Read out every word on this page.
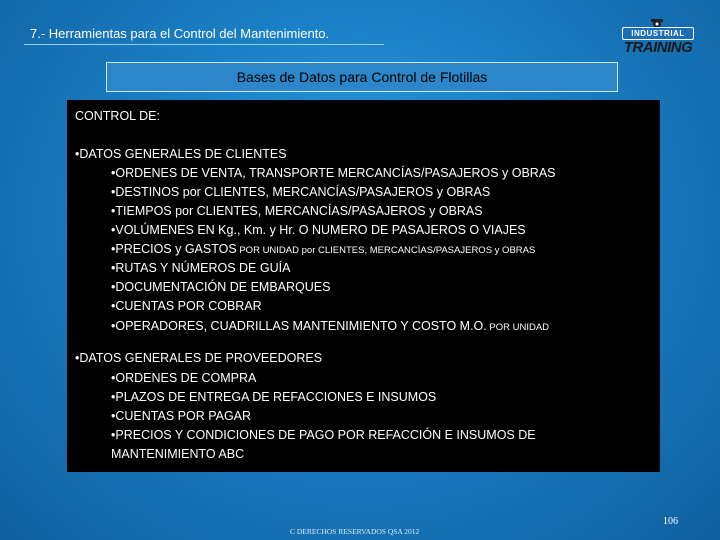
7.- Herramientas para el Control del Mantenimiento.	INDUSTRIAL
TRAINING
Bases de Datos para Control de Flotillas
CONTROL DE:
•DATOS GENERALES DE CLIENTES
•ORDENES DE VENTA, TRANSPORTE MERCANCÍAS/PASAJEROS y OBRAS
•DESTINOS por CLIENTES, MERCANCÍAS/PASAJEROS y OBRAS
•TIEMPOS por CLIENTES, MERCANCÍAS/PASAJEROS y OBRAS
•VOLÚMENES EN Kg., Km. y Hr. O NUMERO DE PASAJEROS O VIAJES
•PRECIOS y GASTOS POR UNIDAD por CLIENTES, MERCANCÍAS/PASAJEROS y OBRAS
•RUTAS Y NÚMEROS DE GUÍA
•DOCUMENTACIÓN DE EMBARQUES
•CUENTAS POR COBRAR
•OPERADORES, CUADRILLAS MANTENIMIENTO Y COSTO M.O. POR UNIDAD
•DATOS GENERALES DE PROVEEDORES
•ORDENES DE COMPRA
•PLAZOS DE ENTREGA DE REFACCIONES E INSUMOS
•CUENTAS POR PAGAR
•PRECIOS Y CONDICIONES DE PAGO POR REFACCIÓN E INSUMOS DE
MANTENIMIENTO ABC
C DERECHOS RESERVADOS QSA 2012
106
